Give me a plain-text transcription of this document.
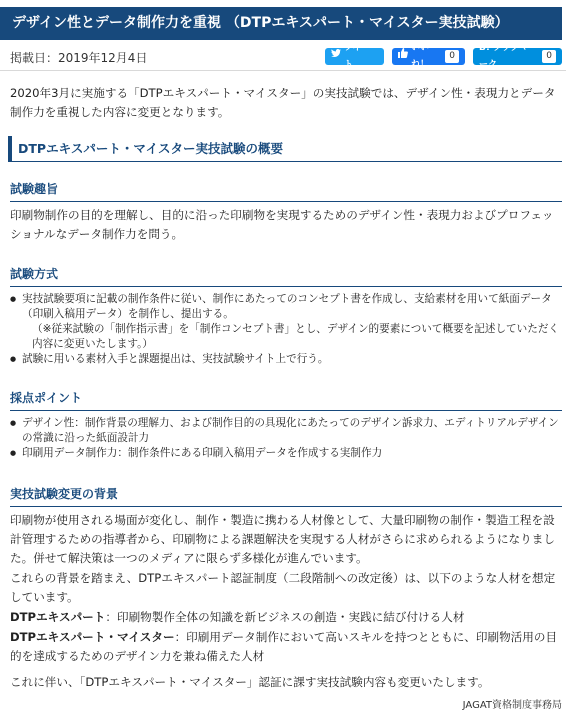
デザイン性とデータ制作力を重視 （DTPエキスパート・マイスター実技試験）
掲載日：2019年12月4日
ツイート
いいね！
0
B! ブックマーク
0

2020年3月に実施する「DTPエキスパート・マイスター」の実技試験では、デザイン性・表現力とデータ制作力を重視した内容に変更となります。

DTPエキスパート・マイスター実技試験の概要
試験趣旨

印刷物制作の目的を理解し、目的に沿った印刷物を実現するためのデザイン性・表現力およびプロフェッショナルなデータ制作力を問う。

試験方式
● 実技試験要項に記載の制作条件に従い、制作にあたってのコンセプト書を作成し、支給素材を用いて紙面データ（印刷入稿用データ）を制作し、提出する。
（※従来試験の「制作指示書」を「制作コンセプト書」とし、デザイン的要素について概要を記述していただく内容に変更いたします。）
● 試験に用いる素材入手と課題提出は、実技試験サイト上で行う。
採点ポイント
● デザイン性：制作背景の理解力、および制作目的の具現化にあたってのデザイン訴求力、エディトリアルデザインの常識に沿った紙面設計力
● 印刷用データ制作力：制作条件にある印刷入稿用データを作成する実制作力
実技試験変更の背景

印刷物が使用される場面が変化し、制作・製造に携わる人材像として、大量印刷物の制作・製造工程を設計管理するための指導者から、印刷物による課題解決を実現する人材がさらに求められるようになりました。併せて解決策は一つのメディアに限らず多様化が進んでいます。

これらの背景を踏まえ、DTPエキスパート認証制度（二段階制への改定後）は、以下のような人材を想定しています。

DTPエキスパート：印刷物製作全体の知識を新ビジネスの創造・実践に結び付ける人材

DTPエキスパート・マイスター：印刷用データ制作において高いスキルを持つとともに、印刷物活用の目的を達成するためのデザイン力を兼ね備えた人材

これに伴い、「DTPエキスパート・マイスター」認証に課す実技試験内容も変更いたします。

JAGAT資格制度事務局
